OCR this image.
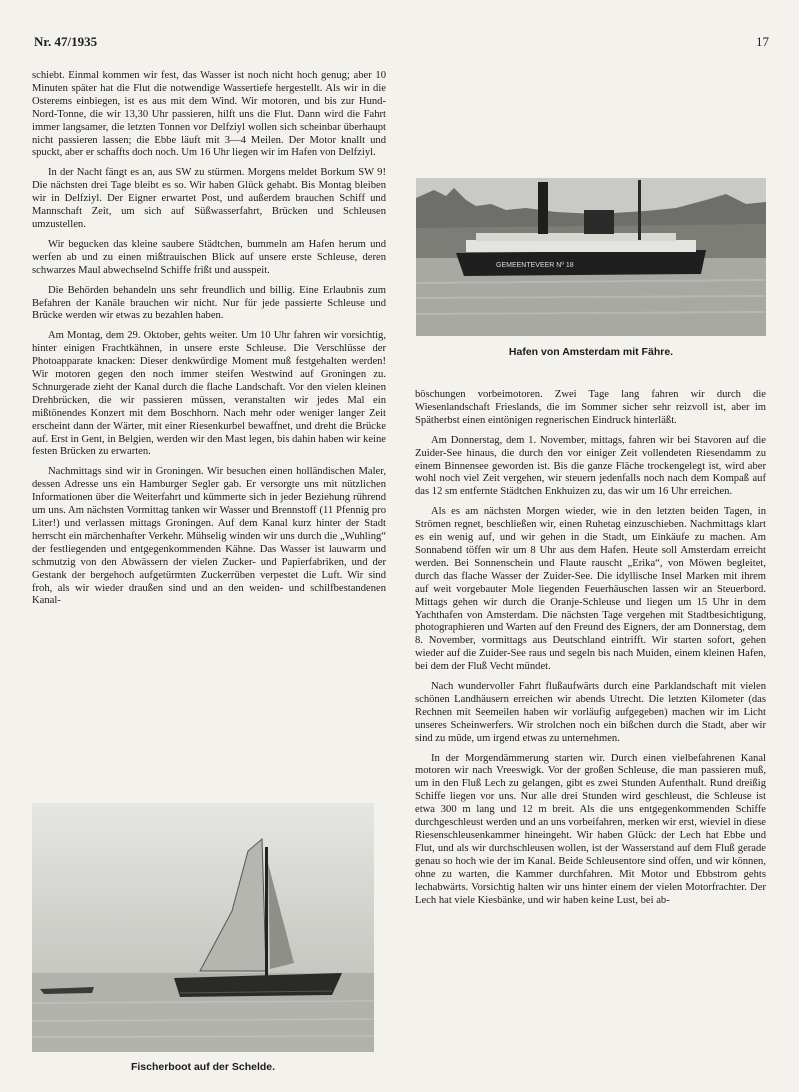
Nr. 47/1935	17

schiebt. Einmal kommen wir fest, das Wasser ist noch nicht hoch genug; aber 10 Minuten später hat die Flut die notwendige Wassertiefe hergestellt. Als wir in die Osterems einbiegen, ist es aus mit dem Wind. Wir motoren, und bis zur Hund-Nord-Tonne, die wir 13,30 Uhr passieren, hilft uns die Flut. Dann wird die Fahrt immer langsamer, die letzten Tonnen vor Delfziyl wollen sich scheinbar überhaupt nicht passieren lassen; die Ebbe läuft mit 3—4 Meilen. Der Motor knallt und spuckt, aber er schaffts doch noch. Um 16 Uhr liegen wir im Hafen von Delfziyl.

In der Nacht fängt es an, aus SW zu stürmen. Morgens meldet Borkum SW 9! Die nächsten drei Tage bleibt es so. Wir haben Glück gehabt. Bis Montag bleiben wir in Delfziyl. Der Eigner erwartet Post, und außerdem brauchen Schiff und Mannschaft Zeit, um sich auf Süßwasserfahrt, Brücken und Schleusen umzustellen.

Wir begucken das kleine saubere Städtchen, bummeln am Hafen herum und werfen ab und zu einen mißtrauischen Blick auf unsere erste Schleuse, deren schwarzes Maul abwechselnd Schiffe frißt und ausspeit.

Die Behörden behandeln uns sehr freundlich und billig. Eine Erlaubnis zum Befahren der Kanäle brauchen wir nicht. Nur für jede passierte Schleuse und Brücke werden wir etwas zu bezahlen haben.

Am Montag, dem 29. Oktober, gehts weiter. Um 10 Uhr fahren wir vorsichtig, hinter einigen Frachtkähnen, in unsere erste Schleuse. Die Verschlüsse der Photoapparate knacken: Dieser denkwürdige Moment muß festgehalten werden! Wir motoren gegen den noch immer steifen Westwind auf Groningen zu. Schnurgerade zieht der Kanal durch die flache Landschaft. Vor den vielen kleinen Drehbrücken, die wir passieren müssen, veranstalten wir jedes Mal ein mißtönendes Konzert mit dem Boschhorn. Nach mehr oder weniger langer Zeit erscheint dann der Wärter, mit einer Riesenkurbel bewaffnet, und dreht die Brücke auf. Erst in Gent, in Belgien, werden wir den Mast legen, bis dahin haben wir keine festen Brücken zu erwarten.

Nachmittags sind wir in Groningen. Wir besuchen einen holländischen Maler, dessen Adresse uns ein Hamburger Segler gab. Er versorgte uns mit nützlichen Informationen über die Weiterfahrt und kümmerte sich in jeder Beziehung rührend um uns. Am nächsten Vormittag tanken wir Wasser und Brennstoff (11 Pfennig pro Liter!) und verlassen mittags Groningen. Auf dem Kanal kurz hinter der Stadt herrscht ein märchenhafter Verkehr. Mühselig winden wir uns durch die „Wuhling“ der festliegenden und entgegenkommenden Kähne. Das Wasser ist lauwarm und schmutzig von den Abwässern der vielen Zucker- und Papierfabriken, und der Gestank der bergehoch aufgetürmten Zuckerrüben verpestet die Luft. Wir sind froh, als wir wieder draußen sind und an den weiden- und schilfbestandenen Kanal-

GEMEENTEVEER Nº 18
Hafen von Amsterdam mit Fähre.

böschungen vorbeimotoren. Zwei Tage lang fahren wir durch die Wiesenlandschaft Frieslands, die im Sommer sicher sehr reizvoll ist, aber im Spätherbst einen eintönigen regnerischen Eindruck hinterläßt.

Am Donnerstag, dem 1. November, mittags, fahren wir bei Stavoren auf die Zuider-See hinaus, die durch den vor einiger Zeit vollendeten Riesendamm zu einem Binnensee geworden ist. Bis die ganze Fläche trockengelegt ist, wird aber wohl noch viel Zeit vergehen, wir steuern jedenfalls noch nach dem Kompaß auf das 12 sm entfernte Städtchen Enkhuizen zu, das wir um 16 Uhr erreichen.

Als es am nächsten Morgen wieder, wie in den letzten beiden Tagen, in Strömen regnet, beschließen wir, einen Ruhetag einzuschieben. Nachmittags klart es ein wenig auf, und wir gehen in die Stadt, um Einkäufe zu machen. Am Sonnabend töffen wir um 8 Uhr aus dem Hafen. Heute soll Amsterdam erreicht werden. Bei Sonnenschein und Flaute rauscht „Erika“, von Möwen begleitet, durch das flache Wasser der Zuider-See. Die idyllische Insel Marken mit ihrem auf weit vorgebauter Mole liegenden Feuerhäuschen lassen wir an Steuerbord. Mittags gehen wir durch die Oranje-Schleuse und liegen um 15 Uhr in dem Yachthafen von Amsterdam. Die nächsten Tage vergehen mit Stadtbesichtigung, photographieren und Warten auf den Freund des Eigners, der am Donnerstag, dem 8. November, vormittags aus Deutschland eintrifft. Wir starten sofort, gehen wieder auf die Zuider-See raus und segeln bis nach Muiden, einem kleinen Hafen, bei dem der Fluß Vecht mündet.

Nach wundervoller Fahrt flußaufwärts durch eine Parklandschaft mit vielen schönen Landhäusern erreichen wir abends Utrecht. Die letzten Kilometer (das Rechnen mit Seemeilen haben wir vorläufig aufgegeben) machen wir im Licht unseres Scheinwerfers. Wir strolchen noch ein bißchen durch die Stadt, aber wir sind zu müde, um irgend etwas zu unternehmen.

In der Morgendämmerung starten wir. Durch einen vielbefahrenen Kanal motoren wir nach Vreeswigk. Vor der großen Schleuse, die man passieren muß, um in den Fluß Lech zu gelangen, gibt es zwei Stunden Aufenthalt. Rund dreißig Schiffe liegen vor uns. Nur alle drei Stunden wird geschleust, die Schleuse ist etwa 300 m lang und 12 m breit. Als die uns entgegenkommenden Schiffe durchgeschleust werden und an uns vorbeifahren, merken wir erst, wieviel in diese Riesenschleusenkammer hineingeht. Wir haben Glück: der Lech hat Ebbe und Flut, und als wir durchschleusen wollen, ist der Wasserstand auf dem Fluß gerade genau so hoch wie der im Kanal. Beide Schleusentore sind offen, und wir können, ohne zu warten, die Kammer durchfahren. Mit Motor und Ebbstrom gehts lechabwärts. Vorsichtig halten wir uns hinter einem der vielen Motorfrachter. Der Lech hat viele Kiesbänke, und wir haben keine Lust, bei ab-

Fischerboot auf der Schelde.
